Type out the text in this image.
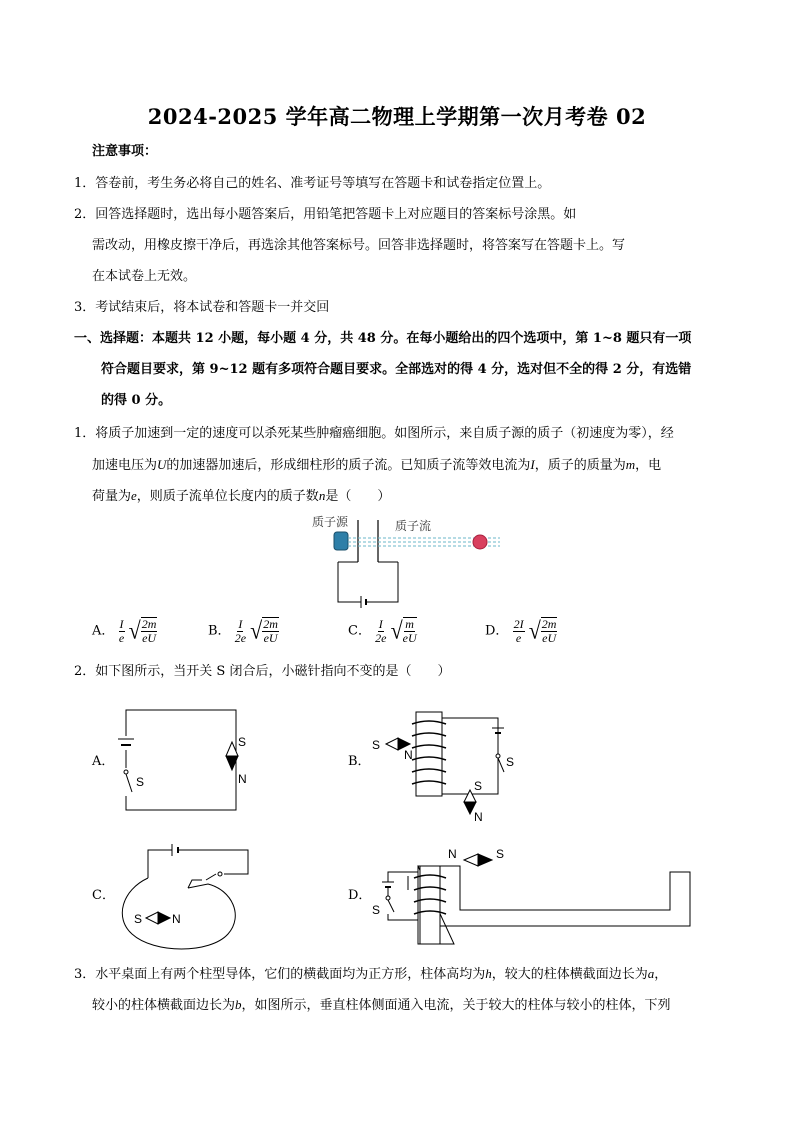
2024-2025 学年高二物理上学期第一次月考卷 02
注意事项：
1．答卷前，考生务必将自己的姓名、准考证号等填写在答题卡和试卷指定位置上。
2．回答选择题时，选出每小题答案后，用铅笔把答题卡上对应题目的答案标号涂黑。如
需改动，用橡皮擦干净后，再选涂其他答案标号。回答非选择题时，将答案写在答题卡上。写
在本试卷上无效。
3．考试结束后，将本试卷和答题卡一并交回
一、选择题：本题共 12 小题，每小题 4 分，共 48 分。在每小题给出的四个选项中，第 1~8 题只有一项
符合题目要求，第 9~12 题有多项符合题目要求。全部选对的得 4 分，选对但不全的得 2 分，有选错
的得 0 分。
1．将质子加速到一定的速度可以杀死某些肿瘤癌细胞。如图所示，来自质子源的质子（初速度为零），经
加速电压为U的加速器加速后，形成细柱形的质子流。已知质子流等效电流为I，质子的质量为m，电
荷量为e，则质子流单位长度内的质子数n是（　　）
质子源	质子流
A． $\frac{I}{e}$
√ $\frac{2m}{eU}$	B． $\frac{I}{2e}$
√ $\frac{2m}{eU}$	C． $\frac{I}{2e}$
√ $\frac{m}{eU}$	D． $\frac{2I}{e}$
√ $\frac{2m}{eU}$
2．如下图所示，当开关 S 闭合后，小磁针指向不变的是（　　）
A．
S
S
N
B．	S
S
N
S
N
C．
S N
D．
N	S
S
3．水平桌面上有两个柱型导体，它们的横截面均为正方形，柱体高均为h，较大的柱体横截面边长为a，
较小的柱体横截面边长为b，如图所示，垂直柱体侧面通入电流，关于较大的柱体与较小的柱体，下列
